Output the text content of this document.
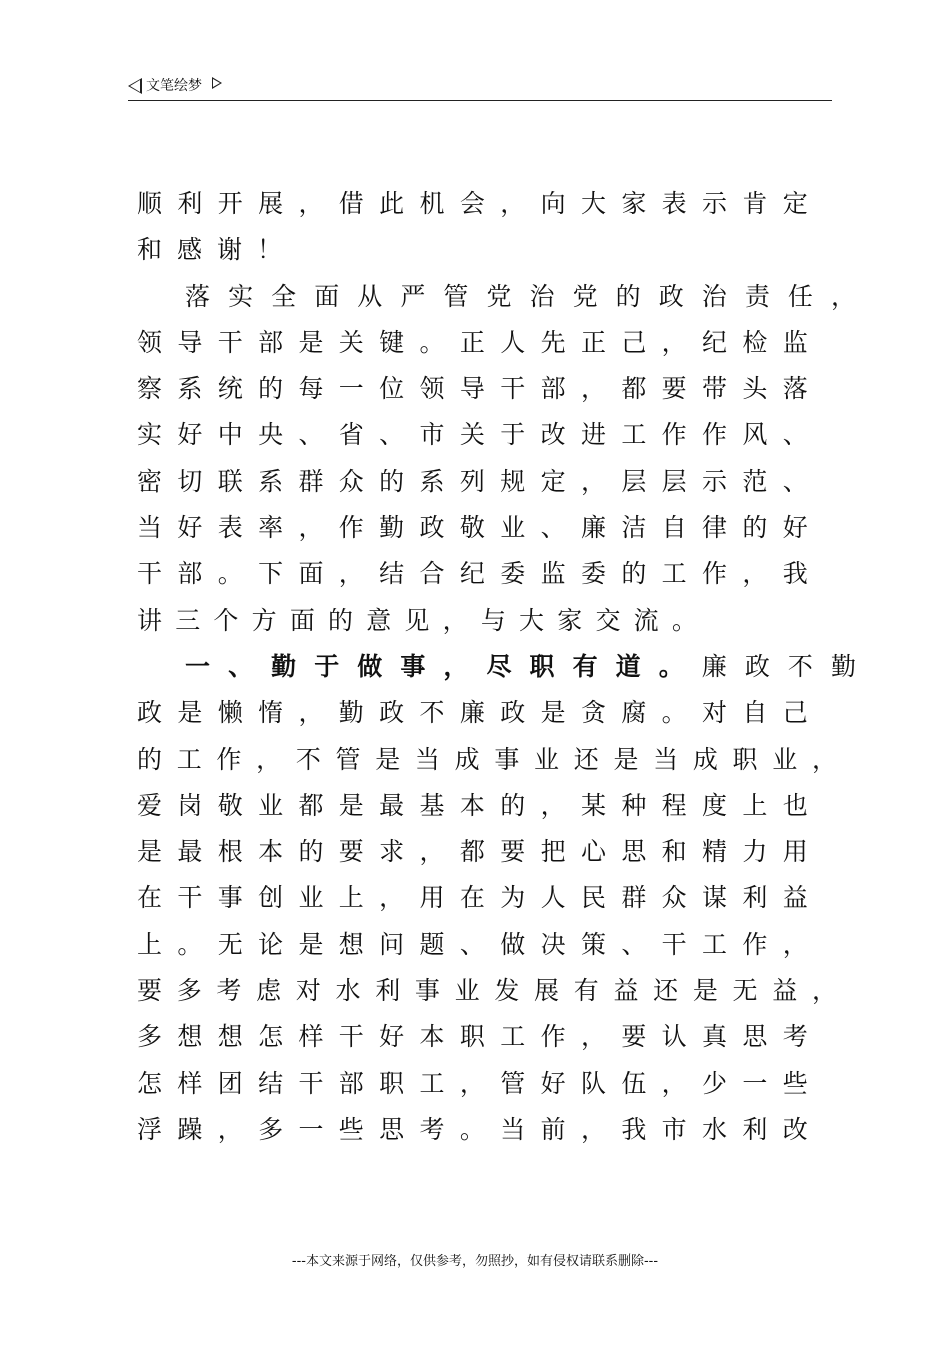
文笔绘梦
顺 利 开 展 ， 借 此 机 会 ， 向 大 家 表 示 肯 定
和感谢！
落 实 全 面 从 严 管 党 治 党 的 政 治 责 任 ，
领 导 干 部 是 关 键 。 正 人 先 正 己 ， 纪 检 监
察 系 统 的 每 一 位 领 导 干 部 ， 都 要 带 头 落
实 好 中 央 、 省 、 市 关 于 改 进 工 作 作 风 、
密 切 联 系 群 众 的 系 列 规 定 ， 层 层 示 范 、
当 好 表 率 ， 作 勤 政 敬 业 、 廉 洁 自 律 的 好
干 部 。 下 面 ， 结 合 纪 委 监 委 的 工 作 ， 我
讲 三 个 方 面 的 意 见 ， 与 大 家 交 流 。
一 、 勤 于 做 事 ， 尽 职 有 道 。 廉 政 不 勤
政 是 懒 惰 ， 勤 政 不 廉 政 是 贪 腐 。 对 自 己
的 工 作 ， 不 管 是 当 成 事 业 还 是 当 成 职 业 ，
爱 岗 敬 业 都 是 最 基 本 的 ， 某 种 程 度 上 也
是 最 根 本 的 要 求 ， 都 要 把 心 思 和 精 力 用
在 干 事 创 业 上 ， 用 在 为 人 民 群 众 谋 利 益
上 。 无 论 是 想 问 题 、 做 决 策 、 干 工 作 ，
要 多 考 虑 对 水 利 事 业 发 展 有 益 还 是 无 益 ，
多 想 想 怎 样 干 好 本 职 工 作 ， 要 认 真 思 考
怎 样 团 结 干 部 职 工 ， 管 好 队 伍 ， 少 一 些
浮 躁 ， 多 一 些 思 考 。 当 前 ， 我 市 水 利 改
---本文来源于网络，仅供参考，勿照抄，如有侵权请联系删除---
